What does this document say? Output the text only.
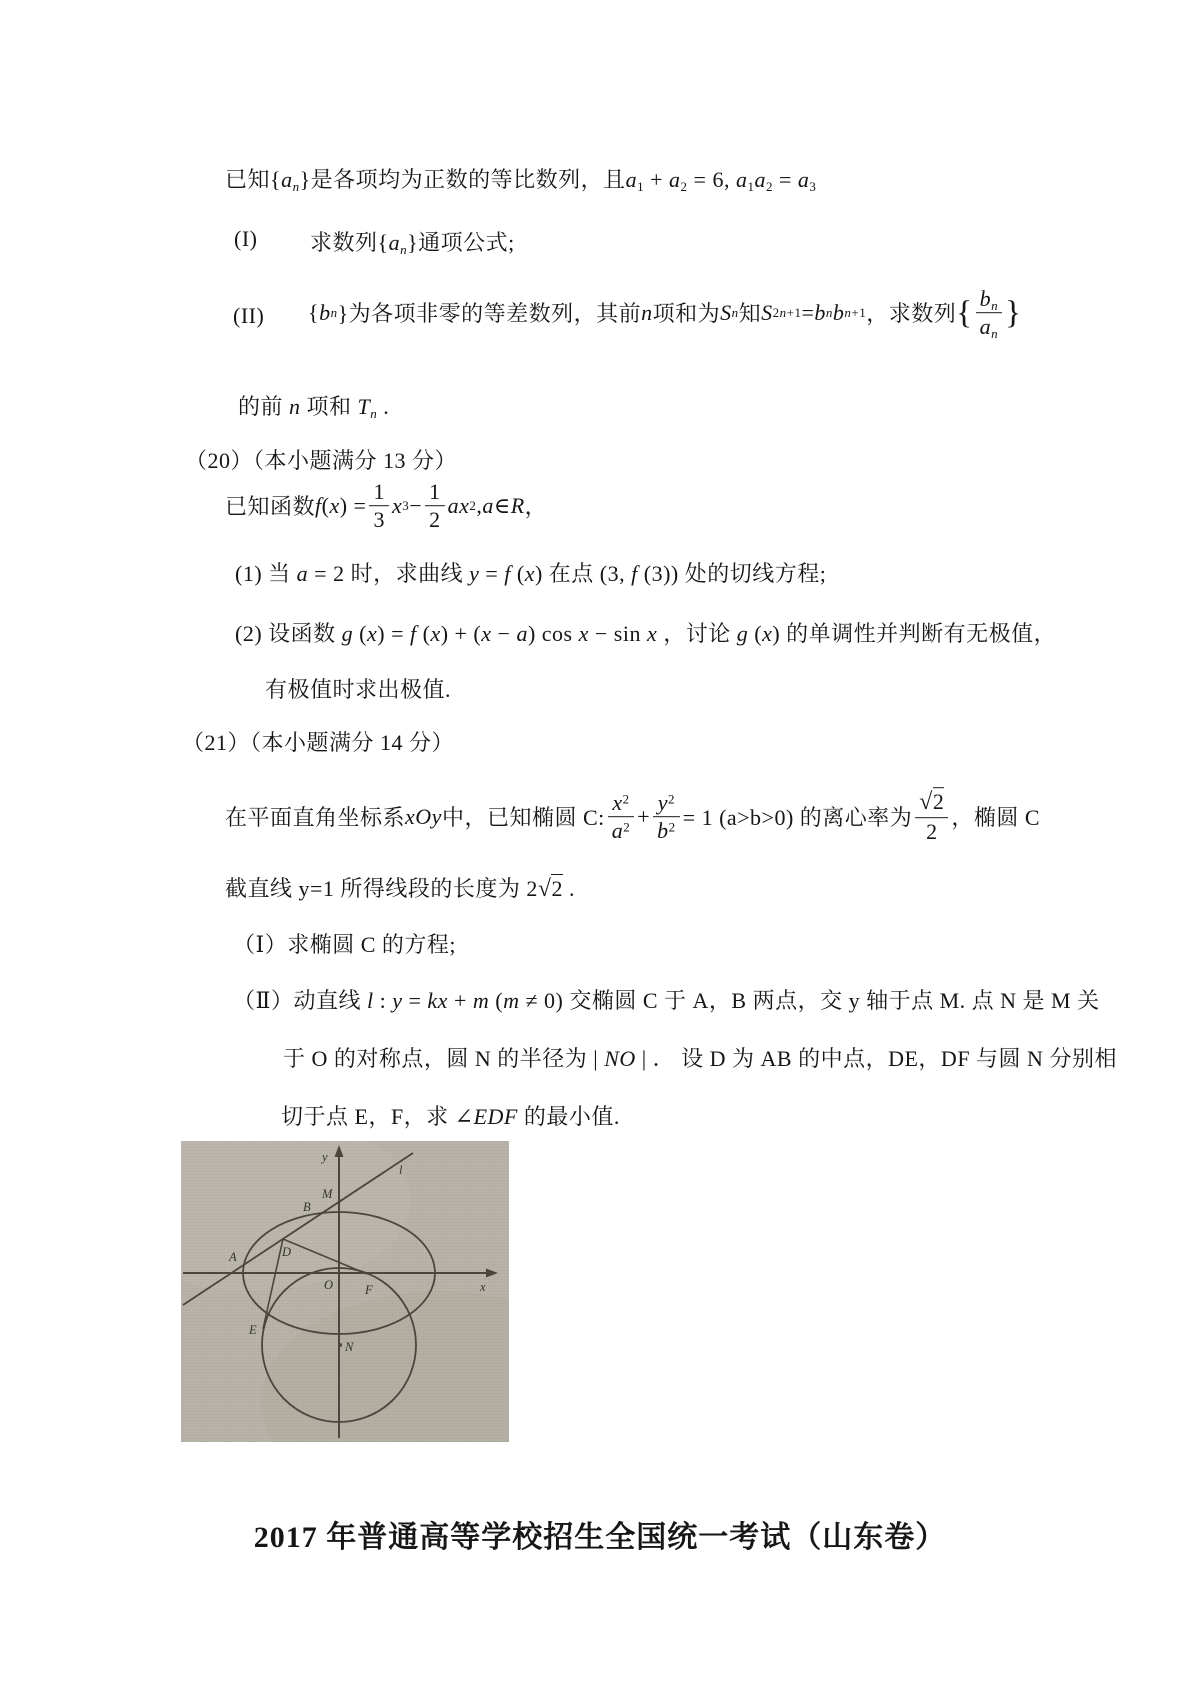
已知$\{a_n\}$是各项均为正数的等比数列，且$a_1 + a_2 = 6$, $a_1a_2 = a_3$
(I) 求数列$\{a_n\}$通项公式;
(II) { b n }为各项非零的等差数列，其前 n 项和为 S n 知 S 2n+1 = b n b n+1 ，求数列 { $\frac{b_n}{a_n}$ }
的前 n 项和 $T_n$ .
（20）（本小题满分 13 分）
已知函数 f ( x ) = $\frac{1}{3}$ x $3 - \frac{1}{2}$ ax 2 , a ∈ R ，
(1) 当 a = 2 时，求曲线 y = f (x) 在点 (3, f (3)) 处的切线方程;
(2) 设函数 g (x) = f (x) + (x − a) cos x − sin x ，讨论 g (x) 的单调性并判断有无极值，
有极值时求出极值.
（21）（本小题满分 14 分）
在平面直角坐标系 xOy 中，已知椭圆 C: $\frac{x^2}{a^2} + \frac{y^2}{b^2} = 1$ (a>b>0) 的离心率为 $\frac{√2}{2}$ ，椭圆 C
截直线 y=1 所得线段的长度为 2√2 .
（Ⅰ）求椭圆 C 的方程;
（Ⅱ）动直线 l : y = kx + m (m ≠ 0) 交椭圆 C 于 A，B 两点，交 y 轴于点 M. 点 N 是 M 关
于 O 的对称点，圆 N 的半径为 | NO | ． 设 D 为 AB 的中点，DE，DF 与圆 N 分别相
切于点 E，F，求 ∠EDF 的最小值.
y
x
l
M
B
A	D
O
E
F
N
2017 年普通高等学校招生全国统一考试（山东卷）
